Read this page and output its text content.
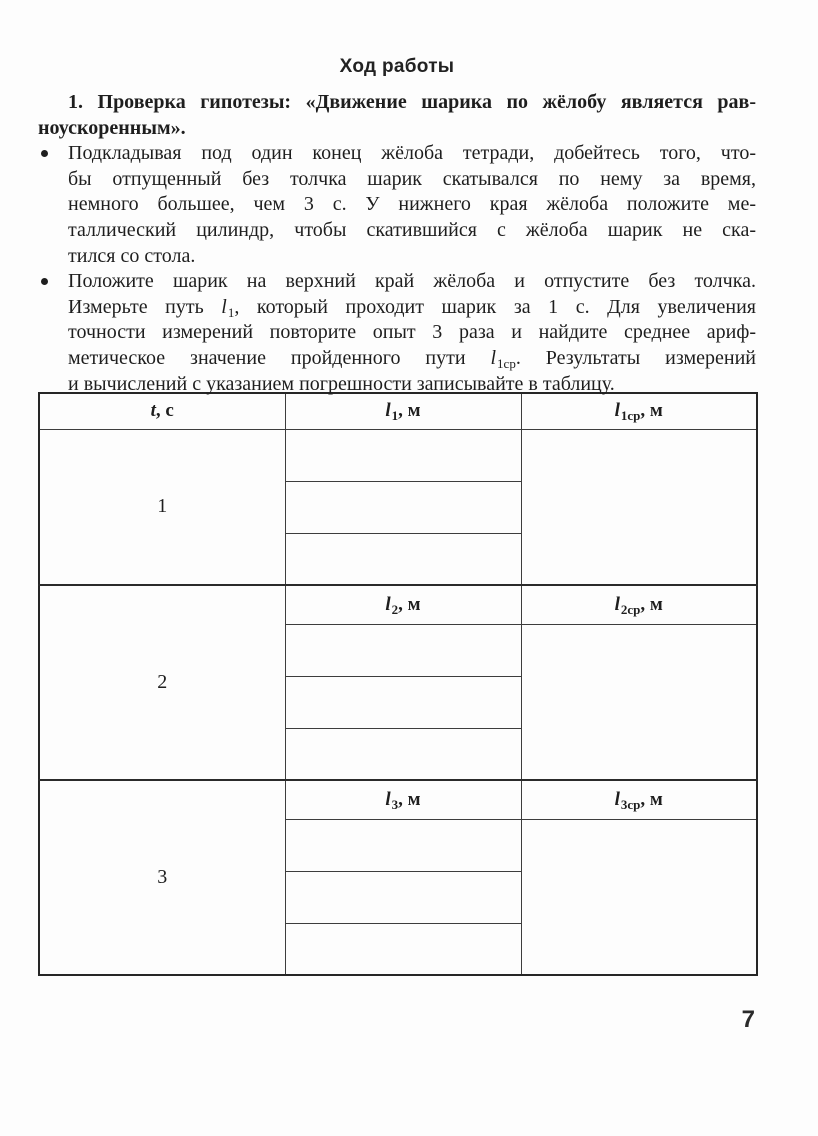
Ход работы
1. Проверка гипотезы: «Движение шарика по жёлобу является рав-
ноускоренным».
Подкладывая под один конец жёлоба тетради, добейтесь того, что-
бы отпущенный без толчка шарик скатывался по нему за время,
немного большее, чем 3 с. У нижнего края жёлоба положите ме-
таллический цилиндр, чтобы скатившийся с жёлоба шарик не ска-
тился со стола.
Положите шарик на верхний край жёлоба и отпустите без толчка.
Измерьте путь $l_1$, который проходит шарик за 1 с. Для увеличения
точности измерений повторите опыт 3 раза и найдите среднее ариф-
метическое значение пройденного пути $l_{1ср}$. Результаты измерений
и вычислений с указанием погрешности записывайте в таблицу.
t, с	$l_1$, м	$l_{1ср}$, м
1		

2	$l_2$, м	$l_{2ср}$, м

3	$l_3$, м	$l_{3ср}$, м

7
